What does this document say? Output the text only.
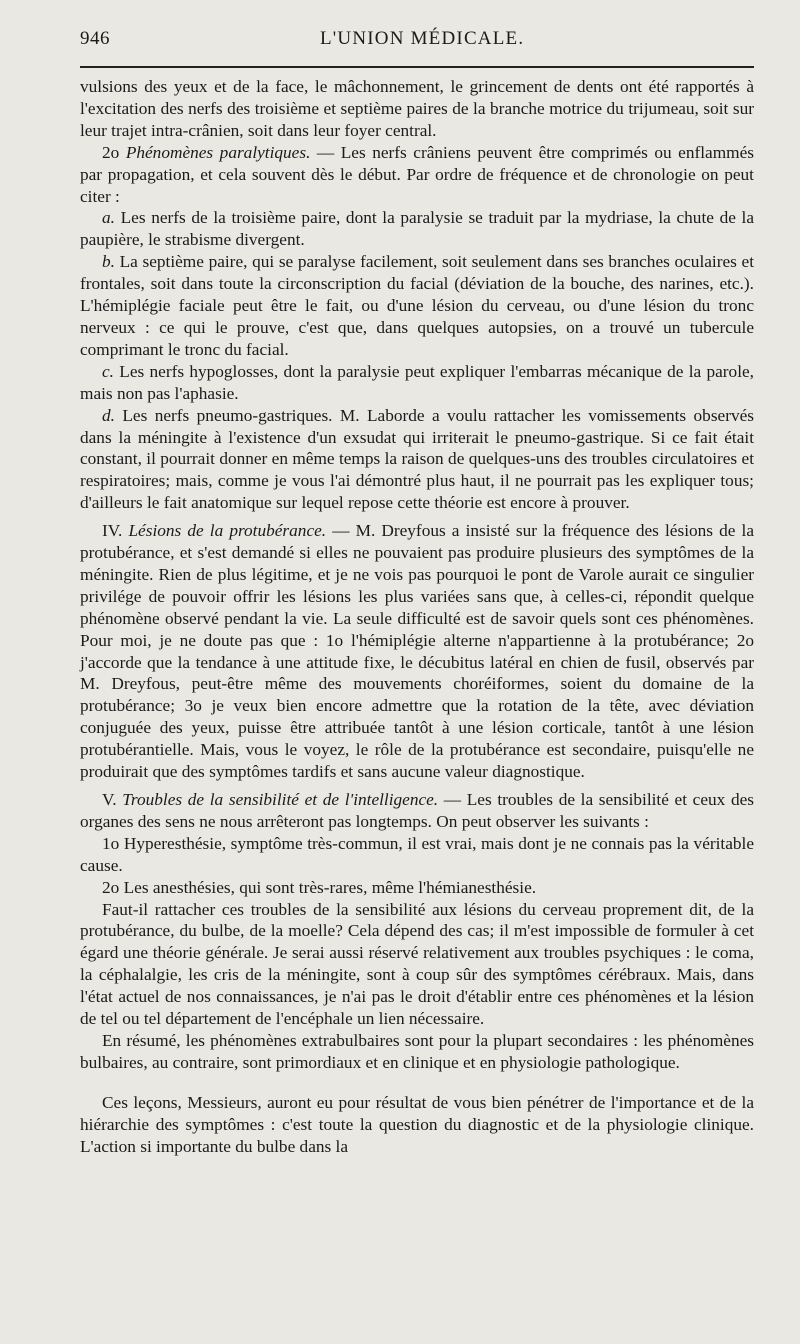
946	L'UNION MÉDICALE.

vulsions des yeux et de la face, le mâchonnement, le grincement de dents ont été rapportés à l'excitation des nerfs des troisième et septième paires de la branche motrice du trijumeau, soit sur leur trajet intra-crânien, soit dans leur foyer central.

2o Phénomènes paralytiques. — Les nerfs crâniens peuvent être comprimés ou enflammés par propagation, et cela souvent dès le début. Par ordre de fréquence et de chronologie on peut citer :

a. Les nerfs de la troisième paire, dont la paralysie se traduit par la mydriase, la chute de la paupière, le strabisme divergent.

b. La septième paire, qui se paralyse facilement, soit seulement dans ses branches oculaires et frontales, soit dans toute la circonscription du facial (déviation de la bouche, des narines, etc.). L'hémiplégie faciale peut être le fait, ou d'une lésion du cerveau, ou d'une lésion du tronc nerveux : ce qui le prouve, c'est que, dans quelques autopsies, on a trouvé un tubercule comprimant le tronc du facial.

c. Les nerfs hypoglosses, dont la paralysie peut expliquer l'embarras mécanique de la parole, mais non pas l'aphasie.

d. Les nerfs pneumo-gastriques. M. Laborde a voulu rattacher les vomissements observés dans la méningite à l'existence d'un exsudat qui irriterait le pneumo-gastrique. Si ce fait était constant, il pourrait donner en même temps la raison de quelques-uns des troubles circulatoires et respiratoires; mais, comme je vous l'ai démontré plus haut, il ne pourrait pas les expliquer tous; d'ailleurs le fait anatomique sur lequel repose cette théorie est encore à prouver.

IV. Lésions de la protubérance. — M. Dreyfous a insisté sur la fréquence des lésions de la protubérance, et s'est demandé si elles ne pouvaient pas produire plusieurs des symptômes de la méningite. Rien de plus légitime, et je ne vois pas pourquoi le pont de Varole aurait ce singulier privilége de pouvoir offrir les lésions les plus variées sans que, à celles-ci, répondit quelque phénomène observé pendant la vie. La seule difficulté est de savoir quels sont ces phénomènes. Pour moi, je ne doute pas que : 1o l'hémiplégie alterne n'appartienne à la protubérance; 2o j'accorde que la tendance à une attitude fixe, le décubitus latéral en chien de fusil, observés par M. Dreyfous, peut-être même des mouvements choréiformes, soient du domaine de la protubérance; 3o je veux bien encore admettre que la rotation de la tête, avec déviation conjuguée des yeux, puisse être attribuée tantôt à une lésion corticale, tantôt à une lésion protubérantielle. Mais, vous le voyez, le rôle de la protubérance est secondaire, puisqu'elle ne produirait que des symptômes tardifs et sans aucune valeur diagnostique.

V. Troubles de la sensibilité et de l'intelligence. — Les troubles de la sensibilité et ceux des organes des sens ne nous arrêteront pas longtemps. On peut observer les suivants :

1o Hyperesthésie, symptôme très-commun, il est vrai, mais dont je ne connais pas la véritable cause.

2o Les anesthésies, qui sont très-rares, même l'hémianesthésie.

Faut-il rattacher ces troubles de la sensibilité aux lésions du cerveau proprement dit, de la protubérance, du bulbe, de la moelle? Cela dépend des cas; il m'est impossible de formuler à cet égard une théorie générale. Je serai aussi réservé relativement aux troubles psychiques : le coma, la céphalalgie, les cris de la méningite, sont à coup sûr des symptômes cérébraux. Mais, dans l'état actuel de nos connaissances, je n'ai pas le droit d'établir entre ces phénomènes et la lésion de tel ou tel département de l'encéphale un lien nécessaire.

En résumé, les phénomènes extrabulbaires sont pour la plupart secondaires : les phénomènes bulbaires, au contraire, sont primordiaux et en clinique et en physiologie pathologique.

Ces leçons, Messieurs, auront eu pour résultat de vous bien pénétrer de l'importance et de la hiérarchie des symptômes : c'est toute la question du diagnostic et de la physiologie clinique. L'action si importante du bulbe dans la
